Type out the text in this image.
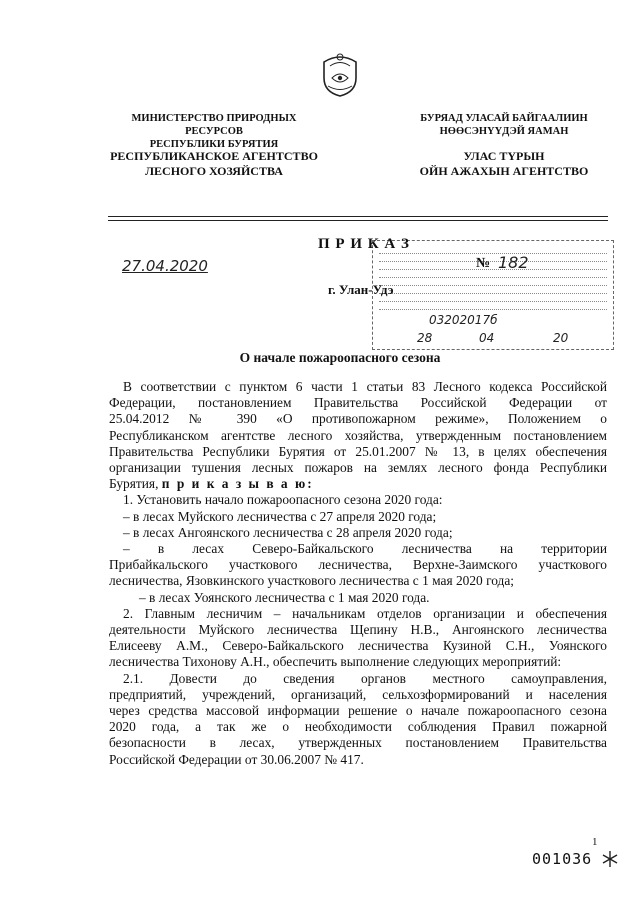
МИНИСТЕРСТВО ПРИРОДНЫХ РЕСУРСОВ
РЕСПУБЛИКИ БУРЯТИЯ
РЕСПУБЛИКАНСКОЕ АГЕНТСТВО
ЛЕСНОГО ХОЗЯЙСТВА
БУРЯАД УЛАСАЙ БАЙГААЛИИН
НӨӨСЭНҮҮДЭЙ ЯАМАН
УЛАС ТҮРЫН
ОЙН АЖАХЫН АГЕНТСТВО
03202017б
28	04	20
П Р И К А З
27.04.2020	№ 182
г. Улан-Удэ
О начале пожароопасного сезона

В соответствии с пунктом 6 части 1 статьи 83 Лесного кодекса Российской

Федерации, постановлением Правительства Российской Федерации от

25.04.2012 № 390 «О противопожарном режиме», Положением о

Республиканском агентстве лесного хозяйства, утвержденным постановлением

Правительства Республики Бурятия от 25.01.2007 № 13, в целях обеспечения

организации тушения лесных пожаров на землях лесного фонда Республики

Бурятия, п р и к а з ы в а ю:

1. Установить начало пожароопасного сезона 2020 года:

– в лесах Муйского лесничества с 27 апреля 2020 года;

– в лесах Ангоянского лесничества с 28 апреля 2020 года;

– в лесах Северо-Байкальского лесничества на территории

Прибайкальского участкового лесничества, Верхне-Заимского участкового

лесничества, Язовкинского участкового лесничества с 1 мая 2020 года;

– в лесах Уоянского лесничества с 1 мая 2020 года.

2. Главным лесничим – начальникам отделов организации и обеспечения

деятельности Муйского лесничества Щепину Н.В., Ангоянского лесничества

Елисееву А.М., Северо-Байкальского лесничества Кузиной С.Н., Уоянского

лесничества Тихонову А.Н., обеспечить выполнение следующих мероприятий:

2.1. Довести до сведения органов местного самоуправления,

предприятий, учреждений, организаций, сельхозформирований и населения

через средства массовой информации решение о начале пожароопасного сезона

2020 года, а так же о необходимости соблюдения Правил пожарной

безопасности в лесах, утвержденных постановлением Правительства

Российской Федерации от 30.06.2007 № 417.

1
001036
